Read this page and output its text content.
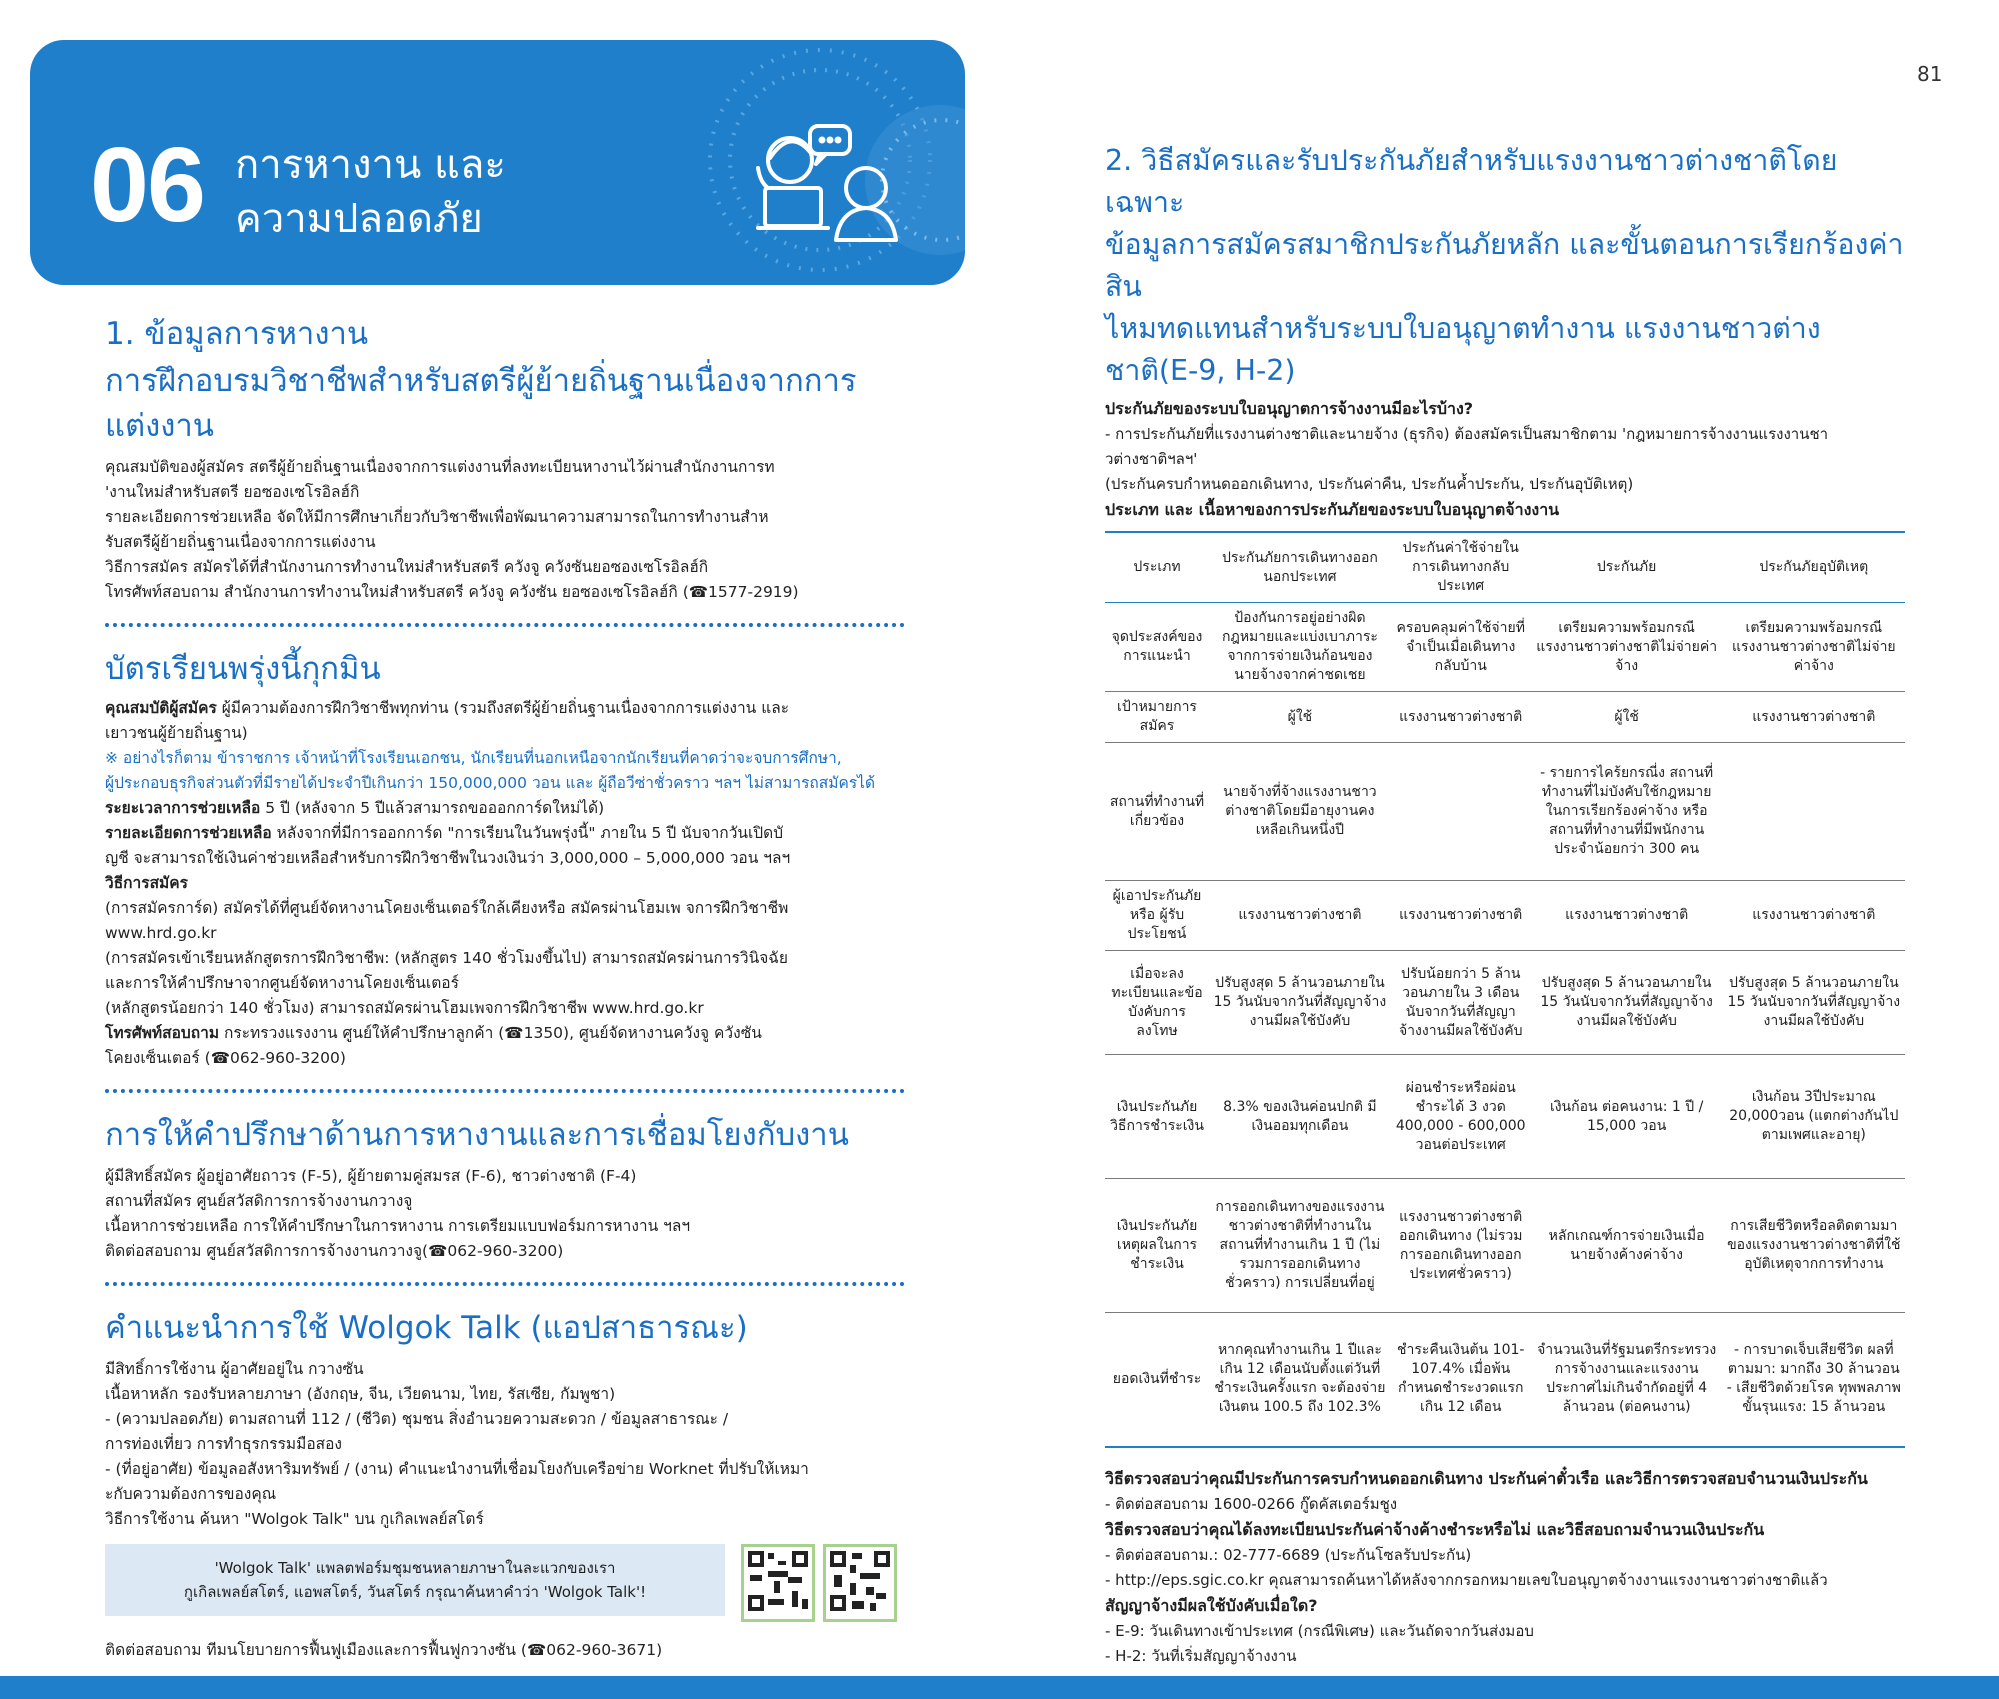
81
06 การหางาน และ
ความปลอดภัย
1. ข้อมูลการหางาน
การฝึกอบรมวิชาชีพสำหรับสตรีผู้ย้ายถิ่นฐานเนื่องจากการแต่งงาน
คุณสมบัติของผู้สมัคร สตรีผู้ย้ายถิ่นฐานเนื่องจากการแต่งงานที่ลงทะเบียนหางานไว้ผ่านสำนักงานการท
'งานใหม่สำหรับสตรี ยอซองเซโรอิลฮ์กิ
รายละเอียดการช่วยเหลือ จัดให้มีการศึกษาเกี่ยวกับวิชาชีพเพื่อพัฒนาความสามารถในการทำงานสำห
รับสตรีผู้ย้ายถิ่นฐานเนื่องจากการแต่งงาน
วิธีการสมัคร สมัครได้ที่สำนักงานการทำงานใหม่สำหรับสตรี ควังจู ควังซันยอซองเซโรอิลฮ์กิ
โทรศัพท์สอบถาม สำนักงานการทำงานใหม่สำหรับสตรี ควังจู ควังซัน ยอซองเซโรอิลฮ์กิ (☎1577-2919)
บัตรเรียนพรุ่งนี้กุกมิน
คุณสมบัติผู้สมัคร ผู้มีความต้องการฝึกวิชาชีพทุกท่าน (รวมถึงสตรีผู้ย้ายถิ่นฐานเนื่องจากการแต่งงาน และ
เยาวชนผู้ย้ายถิ่นฐาน)
※ อย่างไรก็ตาม ข้าราชการ เจ้าหน้าที่โรงเรียนเอกชน, นักเรียนที่นอกเหนือจากนักเรียนที่คาดว่าจะจบการศึกษา,
ผู้ประกอบธุรกิจส่วนตัวที่มีรายได้ประจำปีเกินกว่า 150,000,000 วอน และ ผู้ถือวีซ่าชั่วคราว ฯลฯ ไม่สามารถสมัครได้
ระยะเวลาการช่วยเหลือ 5 ปี (หลังจาก 5 ปีแล้วสามารถขอออกการ์ดใหม่ได้)
รายละเอียดการช่วยเหลือ หลังจากที่มีการออกการ์ด "การเรียนในวันพรุ่งนี้" ภายใน 5 ปี นับจากวันเปิดบั
ญชี จะสามารถใช้เงินค่าช่วยเหลือสำหรับการฝึกวิชาชีพในวงเงินว่า 3,000,000 – 5,000,000 วอน ฯลฯ
วิธีการสมัคร
(การสมัครการ์ด) สมัครได้ที่ศูนย์จัดหางานโคยงเซ็นเตอร์ใกล้เคียงหรือ สมัครผ่านโฮมเพ จการฝึกวิชาชีพ
www.hrd.go.kr
(การสมัครเข้าเรียนหลักสูตรการฝึกวิชาชีพ: (หลักสูตร 140 ชั่วโมงขึ้นไป) สามารถสมัครผ่านการวินิจฉัย
และการให้คำปรึกษาจากศูนย์จัดหางานโคยงเซ็นเตอร์
(หลักสูตรน้อยกว่า 140 ชั่วโมง) สามารถสมัครผ่านโฮมเพจการฝึกวิชาชีพ www.hrd.go.kr
โทรศัพท์สอบถาม กระทรวงแรงงาน ศูนย์ให้คำปรึกษาลูกค้า (☎1350), ศูนย์จัดหางานควังจู ควังซัน
โคยงเซ็นเตอร์ (☎062-960-3200)
การให้คำปรึกษาด้านการหางานและการเชื่อมโยงกับงาน
ผู้มีสิทธิ์สมัคร ผู้อยู่อาศัยถาวร (F-5), ผู้ย้ายตามคู่สมรส (F-6), ชาวต่างชาติ (F-4)
สถานที่สมัคร ศูนย์สวัสดิการการจ้างงานกวางจู
เนื้อหาการช่วยเหลือ การให้คำปรึกษาในการหางาน การเตรียมแบบฟอร์มการหางาน ฯลฯ
ติดต่อสอบถาม ศูนย์สวัสดิการการจ้างงานกวางจู(☎062-960-3200)
คำแนะนำการใช้ Wolgok Talk (แอปสาธารณะ)
มีสิทธิ์การใช้งาน ผู้อาศัยอยู่ใน กวางซัน
เนื้อหาหลัก รองรับหลายภาษา (อังกฤษ, จีน, เวียดนาม, ไทย, รัสเซีย, กัมพูชา)
- (ความปลอดภัย) ตามสถานที่ 112 / (ชีวิต) ชุมชน สิ่งอำนวยความสะดวก / ข้อมูลสาธารณะ /
การท่องเที่ยว การทำธุรกรรมมือสอง
- (ที่อยู่อาศัย) ข้อมูลอสังหาริมทรัพย์ / (งาน) คำแนะนำงานที่เชื่อมโยงกับเครือข่าย Worknet ที่ปรับให้เหมา
ะกับความต้องการของคุณ
วิธีการใช้งาน ค้นหา "Wolgok Talk" บน กูเกิลเพลย์สโตร์
'Wolgok Talk' แพลตฟอร์มชุมชนหลายภาษาในละแวกของเรา
กูเกิลเพลย์สโตร์, แอพสโตร์, วันสโตร์ กรุณาค้นหาคำว่า 'Wolgok Talk'!
ติดต่อสอบถาม ทีมนโยบายการฟื้นฟูเมืองและการฟื้นฟูกวางซัน (☎062-960-3671)
2. วิธีสมัครและรับประกันภัยสำหรับแรงงานชาวต่างชาติโดยเฉพาะ
ข้อมูลการสมัครสมาชิกประกันภัยหลัก และขั้นตอนการเรียกร้องค่าสิน
ไหมทดแทนสำหรับระบบใบอนุญาตทำงาน แรงงานชาวต่างชาติ(E-9, H-2)
ประกันภัยของระบบใบอนุญาตการจ้างงานมีอะไรบ้าง?
- การประกันภัยที่แรงงานต่างชาติและนายจ้าง (ธุรกิจ) ต้องสมัครเป็นสมาชิกตาม 'กฎหมายการจ้างงานแรงงานชา
วต่างชาติฯลฯ'
(ประกันครบกำหนดออกเดินทาง, ประกันค่าคืน, ประกันค้ำประกัน, ประกันอุบัติเหตุ)
ประเภท และ เนื้อหาของการประกันภัยของระบบใบอนุญาตจ้างงาน
ประเภท	ประกันภัยการเดินทางออกนอกประเทศ	ประกันค่าใช้จ่ายในการเดินทางกลับประเทศ	ประกันภัย	ประกันภัยอุบัติเหตุ
จุดประสงค์ของการแนะนำ	ป้องกันการอยู่อย่างผิดกฎหมายและแบ่งเบาภาระจากการจ่ายเงินก้อนของนายจ้างจากค่าชดเชย	ครอบคลุมค่าใช้จ่ายที่จำเป็นเมื่อเดินทางกลับบ้าน	เตรียมความพร้อมกรณีแรงงานชาวต่างชาติไม่จ่ายค่าจ้าง	เตรียมความพร้อมกรณีแรงงานชาวต่างชาติไม่จ่ายค่าจ้าง
เป้าหมายการสมัคร	ผู้ใช้	แรงงานชาวต่างชาติ	ผู้ใช้	แรงงานชาวต่างชาติ
สถานที่ทำงานที่เกี่ยวข้อง	นายจ้างที่จ้างแรงงานชาวต่างชาติโดยมีอายุงานคงเหลือเกินหนึ่งปี		- รายการไคร้ยกรณี่ง สถานที่ทำงานที่ไม่บังคับใช้กฎหมายในการเรียกร้องค่าจ้าง หรือสถานที่ทำงานที่มีพนักงานประจำน้อยกว่า 300 คน	
ผู้เอาประกันภัย หรือ ผู้รับประโยชน์	แรงงานชาวต่างชาติ	แรงงานชาวต่างชาติ	แรงงานชาวต่างชาติ	แรงงานชาวต่างชาติ
เมื่อจะลงทะเบียนและข้อบังคับการลงโทษ	ปรับสูงสุด 5 ล้านวอนภายใน 15 วันนับจากวันที่สัญญาจ้างงานมีผลใช้บังคับ	ปรับน้อยกว่า 5 ล้านวอนภายใน 3 เดือนนับจากวันที่สัญญาจ้างงานมีผลใช้บังคับ	ปรับสูงสุด 5 ล้านวอนภายใน 15 วันนับจากวันที่สัญญาจ้างงานมีผลใช้บังคับ	ปรับสูงสุด 5 ล้านวอนภายใน 15 วันนับจากวันที่สัญญาจ้างงานมีผลใช้บังคับ
เงินประกันภัย วิธีการชำระเงิน	8.3% ของเงินค่อนปกติ มีเงินออมทุกเดือน	ผ่อนชำระหรือผ่อนชำระได้ 3 งวด 400,000 - 600,000 วอนต่อประเทศ	เงินก้อน ต่อคนงาน: 1 ปี / 15,000 วอน	เงินก้อน 3ปีประมาณ 20,000วอน (แตกต่างกันไปตามเพศและอายุ)
เงินประกันภัย เหตุผลในการชำระเงิน	การออกเดินทางของแรงงานชาวต่างชาติที่ทำงานในสถานที่ทำงานเกิน 1 ปี (ไม่รวมการออกเดินทางชั่วคราว) การเปลี่ยนที่อยู่	แรงงานชาวต่างชาติออกเดินทาง (ไม่รวมการออกเดินทางออกประเทศชั่วคราว)	หลักเกณฑ์การจ่ายเงินเมื่อนายจ้างค้างค่าจ้าง	การเสียชีวิตหรือลติดตามมาของแรงงานชาวต่างชาติที่ใช้อุบัติเหตุจากการทำงาน
ยอดเงินที่ชำระ	หากคุณทำงานเกิน 1 ปีและเกิน 12 เดือนนับตั้งแต่วันที่ชำระเงินครั้งแรก จะต้องจ่ายเงินตน 100.5 ถึง 102.3%	ชำระคืนเงินต้น 101-107.4% เมื่อพ้นกำหนดชำระงวดแรกเกิน 12 เดือน	จำนวนเงินที่รัฐมนตรีกระทรวงการจ้างงานและแรงงานประกาศไม่เกินจำกัดอยู่ที่ 4 ล้านวอน (ต่อคนงาน)	- การบาดเจ็บเสียชีวิต ผลที่ตามมา: มากถึง 30 ล้านวอน - เสียชีวิตด้วยโรค ทุพพลภาพขั้นรุนแรง: 15 ล้านวอน
วิธีตรวจสอบว่าคุณมีประกันการครบกำหนดออกเดินทาง ประกันค่าตั๋วเรือ และวิธีการตรวจสอบจำนวนเงินประกัน
- ติดต่อสอบถาม 1600-0266 กู๊ดคัสเตอร์มชูง
วิธีตรวจสอบว่าคุณได้ลงทะเบียนประกันค่าจ้างค้างชำระหรือไม่ และวิธีสอบถามจำนวนเงินประกัน
- ติดต่อสอบถาม.: 02-777-6689 (ประกันโซลรับประกัน)
- http://eps.sgic.co.kr คุณสามารถค้นหาได้หลังจากกรอกหมายเลขใบอนุญาตจ้างงานแรงงานชาวต่างชาติแล้ว
สัญญาจ้างมีผลใช้บังคับเมื่อใด?
- E-9: วันเดินทางเข้าประเทศ (กรณีพิเศษ) และวันถัดจากวันส่งมอบ
- H-2: วันที่เริ่มสัญญาจ้างงาน
